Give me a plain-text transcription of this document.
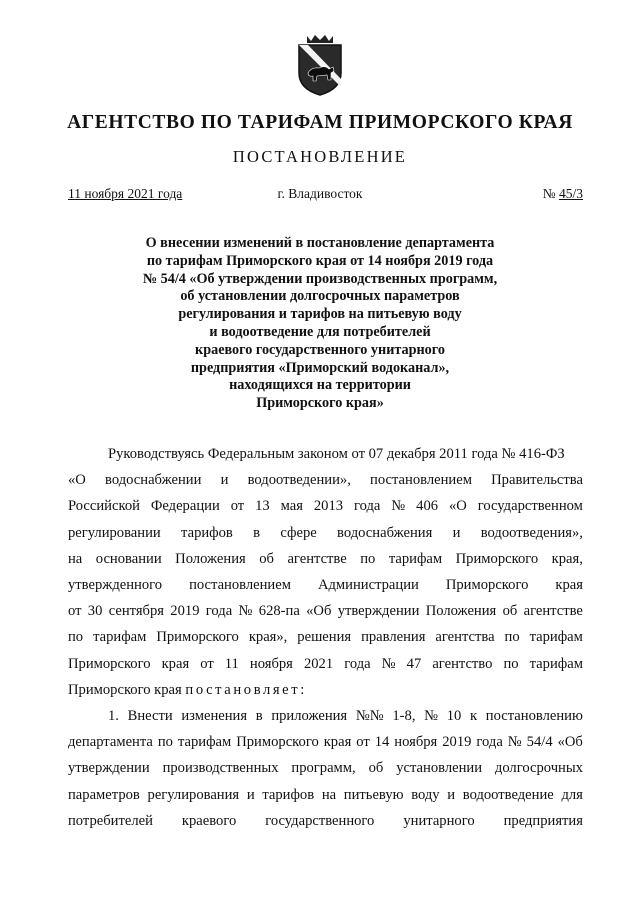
АГЕНТСТВО ПО ТАРИФАМ ПРИМОРСКОГО КРАЯ
ПОСТАНОВЛЕНИЕ
11 ноября 2021 года	г. Владивосток	№ 45/3
О внесении изменений в постановление департамента
по тарифам Приморского края от 14 ноября 2019 года
№ 54/4 «Об утверждении производственных программ,
об установлении долгосрочных параметров
регулирования и тарифов на питьевую воду
и водоотведение для потребителей
краевого государственного унитарного
предприятия «Приморский водоканал»,
находящихся на территории
Приморского края»
Руководствуясь Федеральным законом от 07 декабря 2011 года № 416-ФЗ
«О водоснабжении и водоотведении», постановлением Правительства
Российской Федерации от 13 мая 2013 года № 406 «О государственном
регулировании тарифов в сфере водоснабжения и водоотведения»,
на основании Положения об агентстве по тарифам Приморского края,
утвержденного постановлением Администрации Приморского края
от 30 сентября 2019 года № 628-па «Об утверждении Положения об агентстве
по тарифам Приморского края», решения правления агентства по тарифам
Приморского края от 11 ноября 2021 года № 47 агентство по тарифам
Приморского края
постановляет:
1. Внести изменения в приложения №№ 1-8, № 10 к постановлению
департамента по тарифам Приморского края от 14 ноября 2019 года № 54/4 «Об
утверждении производственных программ, об установлении долгосрочных
параметров регулирования и тарифов на питьевую воду и водоотведение для
потребителей краевого государственного унитарного предприятия
